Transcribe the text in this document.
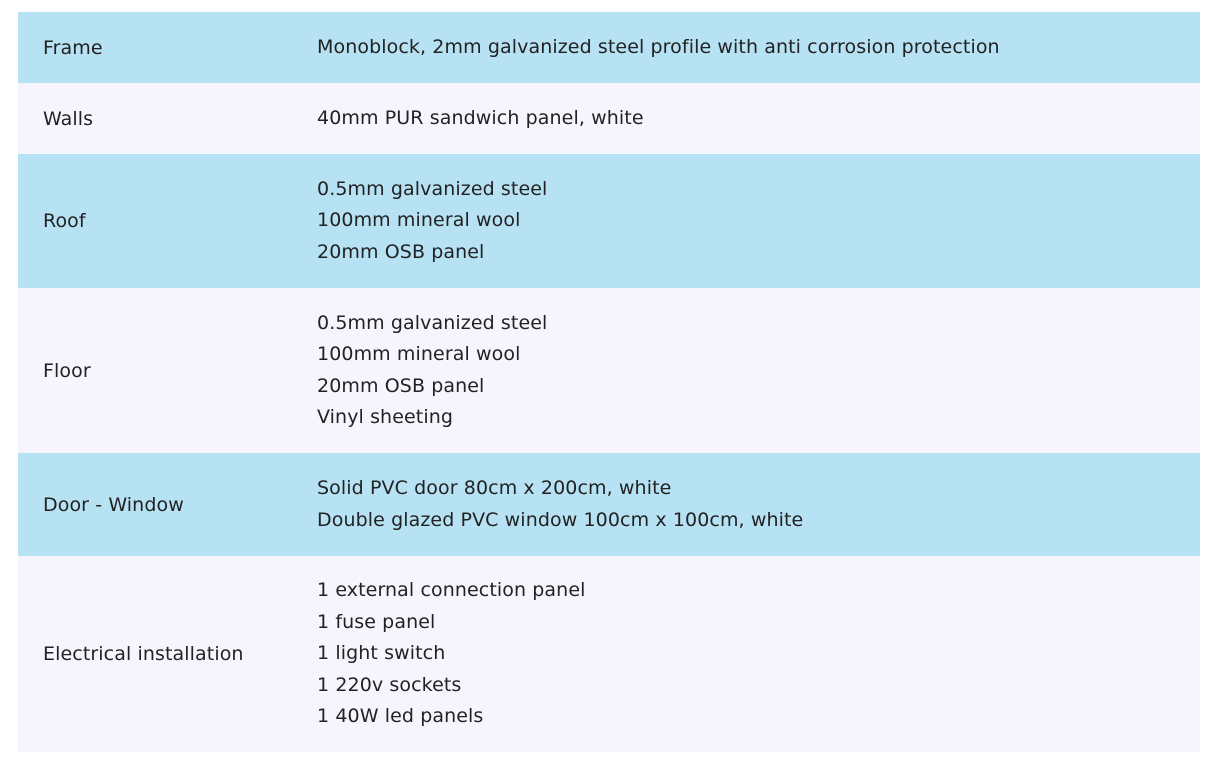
Frame	Monoblock, 2mm galvanized steel profile with anti corrosion protection
Walls	40mm PUR sandwich panel, white
Roof
0.5mm galvanized steel
100mm mineral wool
20mm OSB panel
Floor
0.5mm galvanized steel
100mm mineral wool
20mm OSB panel
Vinyl sheeting
Door - Window
Solid PVC door 80cm x 200cm, white
Double glazed PVC window 100cm x 100cm, white
Electrical installation
1 external connection panel
1 fuse panel
1 light switch
1 220v sockets
1 40W led panels
